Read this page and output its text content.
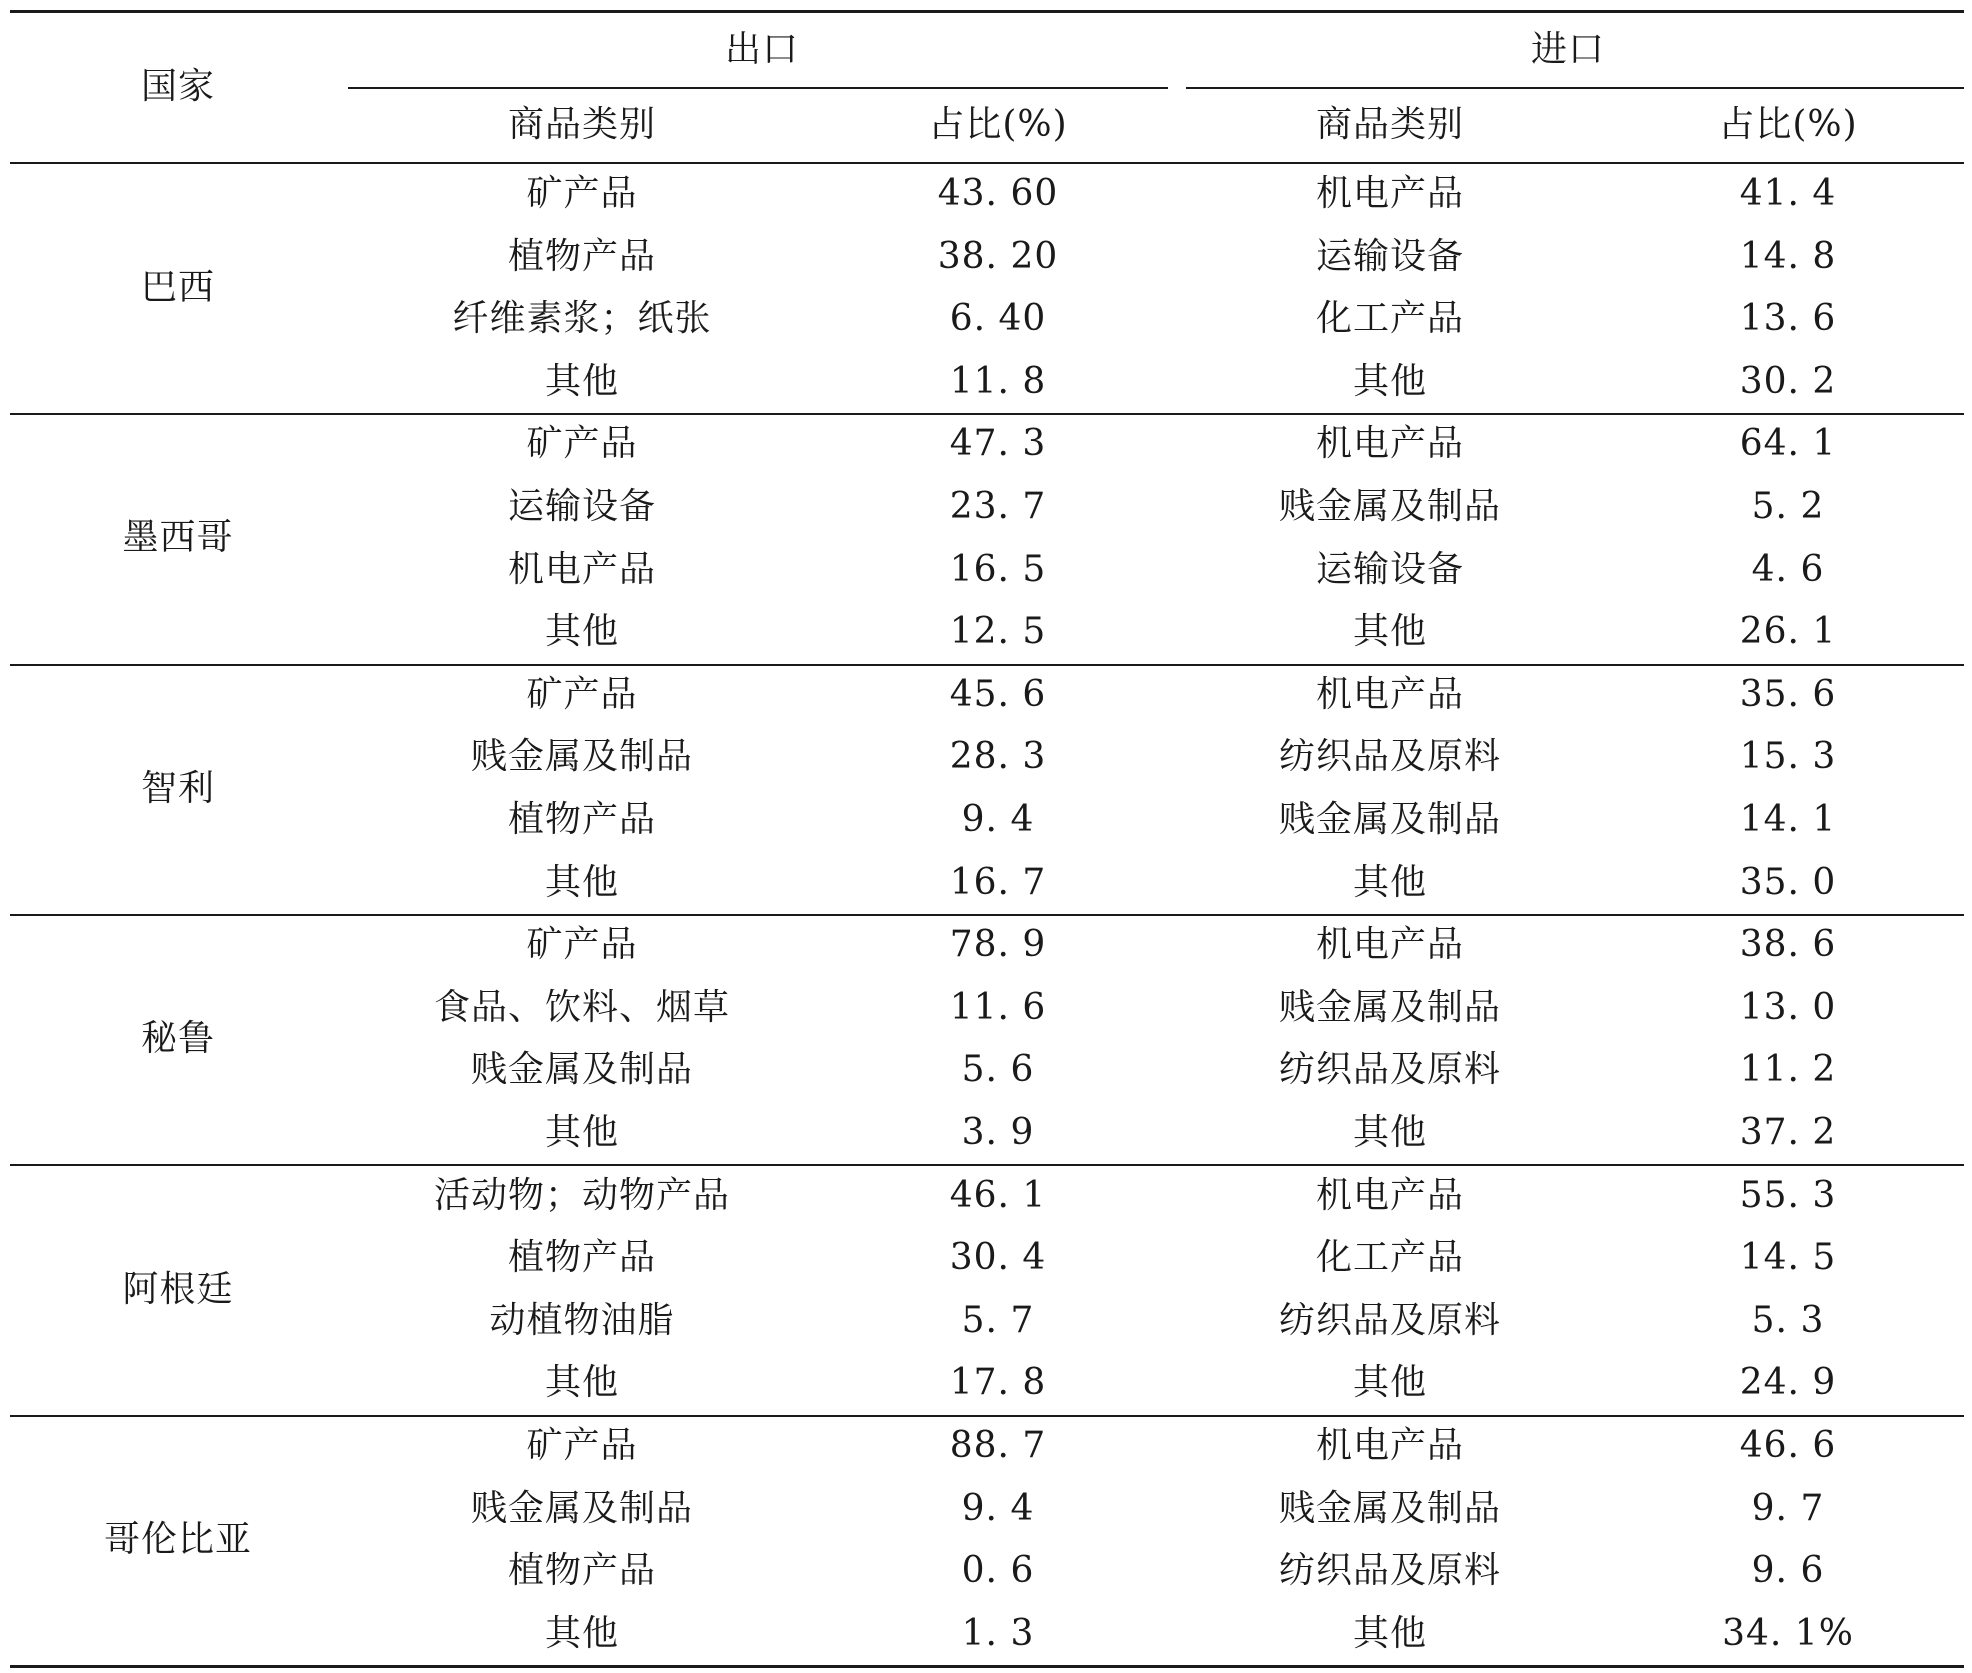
国家
出口	进口
商品类别	占比(%)	商品类别	占比(%)
巴西
矿产品	43. 60	机电产品	41. 4
植物产品	38. 20	运输设备	14. 8
纤维素浆；纸张	6. 40	化工产品	13. 6
其他	11. 8	其他	30. 2
墨西哥
矿产品	47. 3	机电产品	64. 1
运输设备	23. 7	贱金属及制品	5. 2
机电产品	16. 5	运输设备	4. 6
其他	12. 5	其他	26. 1
智利
矿产品	45. 6	机电产品	35. 6
贱金属及制品	28. 3	纺织品及原料	15. 3
植物产品	9. 4	贱金属及制品	14. 1
其他	16. 7	其他	35. 0
秘鲁
矿产品	78. 9	机电产品	38. 6
食品、饮料、烟草	11. 6	贱金属及制品	13. 0
贱金属及制品	5. 6	纺织品及原料	11. 2
其他	3. 9	其他	37. 2
阿根廷
活动物；动物产品	46. 1	机电产品	55. 3
植物产品	30. 4	化工产品	14. 5
动植物油脂	5. 7	纺织品及原料	5. 3
其他	17. 8	其他	24. 9
哥伦比亚
矿产品	88. 7	机电产品	46. 6
贱金属及制品	9. 4	贱金属及制品	9. 7
植物产品	0. 6	纺织品及原料	9. 6
其他	1. 3	其他	34. 1%
